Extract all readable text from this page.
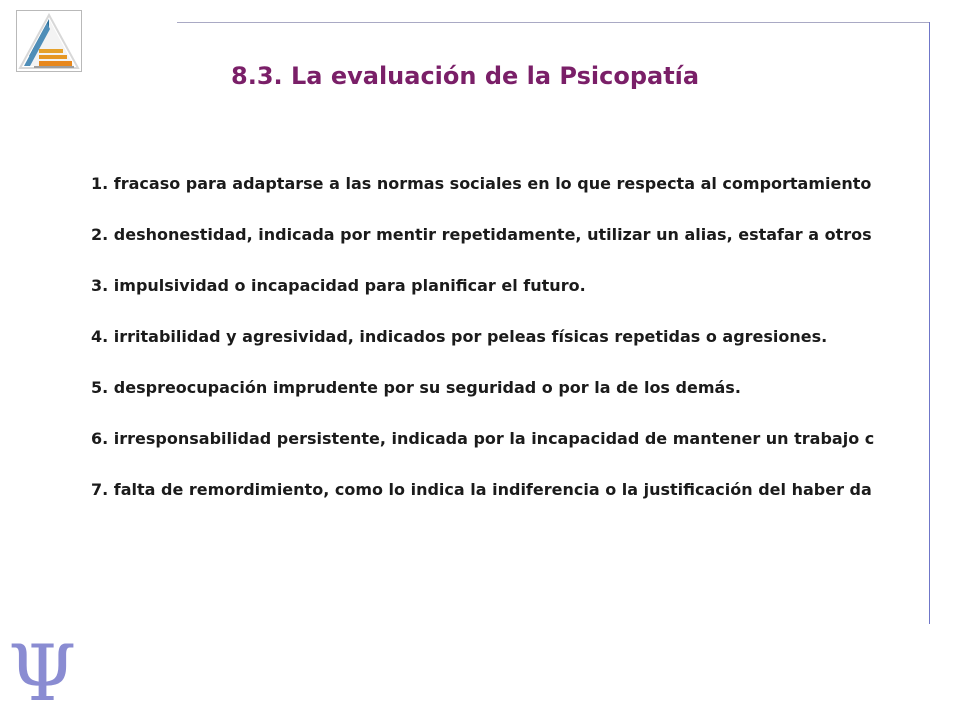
8.3. La evaluación de la Psicopatía
1. fracaso para adaptarse a las normas sociales en lo que respecta al comportamiento
2. deshonestidad, indicada por mentir repetidamente, utilizar un alias, estafar a otros
3. impulsividad o incapacidad para planificar el futuro.
4. irritabilidad y agresividad, indicados por peleas físicas repetidas o agresiones.
5. despreocupación imprudente por su seguridad o por la de los demás.
6. irresponsabilidad persistente, indicada por la incapacidad de mantener un trabajo c
7. falta de remordimiento, como lo indica la indiferencia o la justificación del haber da
Ψ
